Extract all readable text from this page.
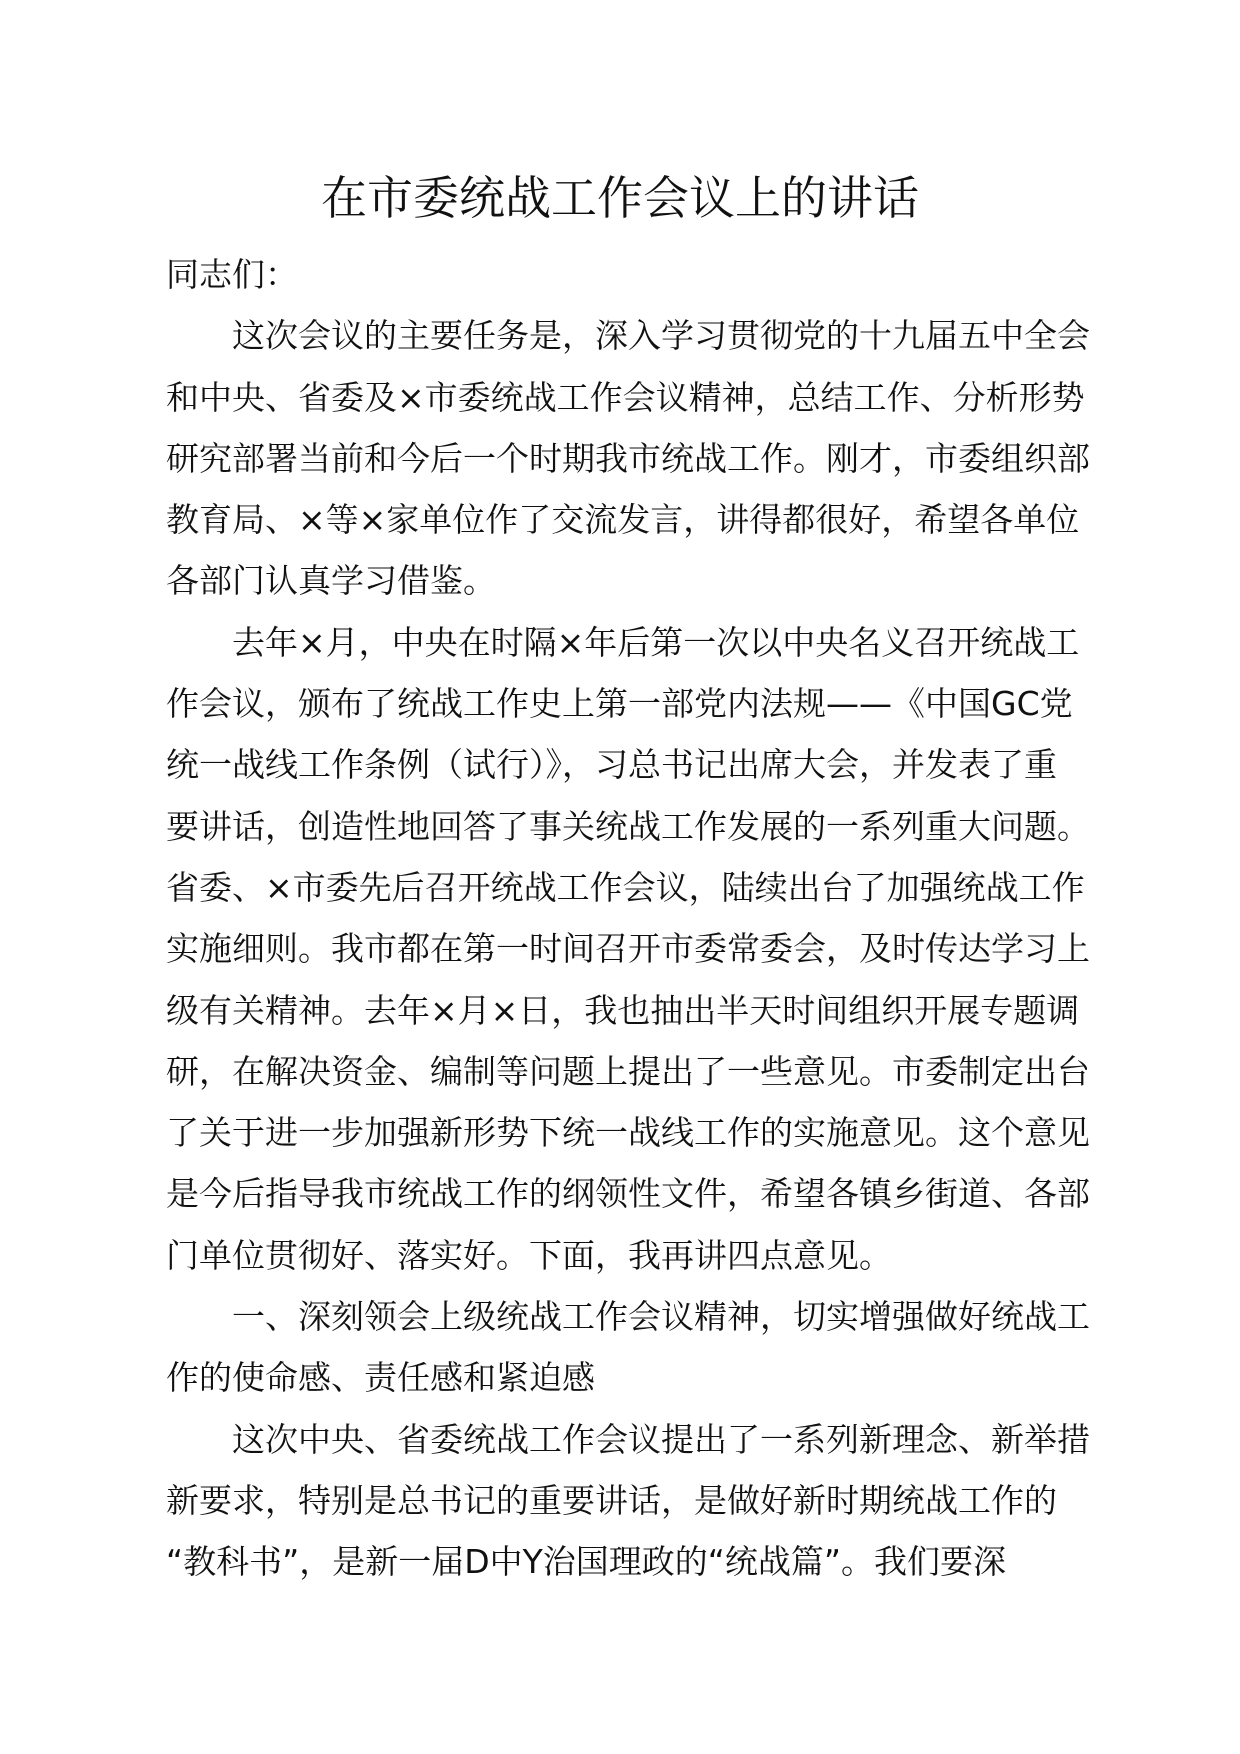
在市委统战工作会议上的讲话

同志们：

这次会议的主要任务是，深入学习贯彻党的十九届五中全会

和中央、省委及×市委统战工作会议精神，总结工作、分析形势

研究部署当前和今后一个时期我市统战工作。刚才，市委组织部

教育局、×等×家单位作了交流发言，讲得都很好，希望各单位

各部门认真学习借鉴。

去年×月，中央在时隔×年后第一次以中央名义召开统战工

作会议，颁布了统战工作史上第一部党内法规——《中国GC党

统一战线工作条例（试行）》，习总书记出席大会，并发表了重

要讲话，创造性地回答了事关统战工作发展的一系列重大问题。

省委、×市委先后召开统战工作会议，陆续出台了加强统战工作

实施细则。我市都在第一时间召开市委常委会，及时传达学习上

级有关精神。去年×月×日，我也抽出半天时间组织开展专题调

研，在解决资金、编制等问题上提出了一些意见。市委制定出台

了关于进一步加强新形势下统一战线工作的实施意见。这个意见

是今后指导我市统战工作的纲领性文件，希望各镇乡街道、各部

门单位贯彻好、落实好。下面，我再讲四点意见。

一、深刻领会上级统战工作会议精神，切实增强做好统战工

作的使命感、责任感和紧迫感

这次中央、省委统战工作会议提出了一系列新理念、新举措

新要求，特别是总书记的重要讲话，是做好新时期统战工作的

“教科书”，是新一届D中Y治国理政的“统战篇”。我们要深
